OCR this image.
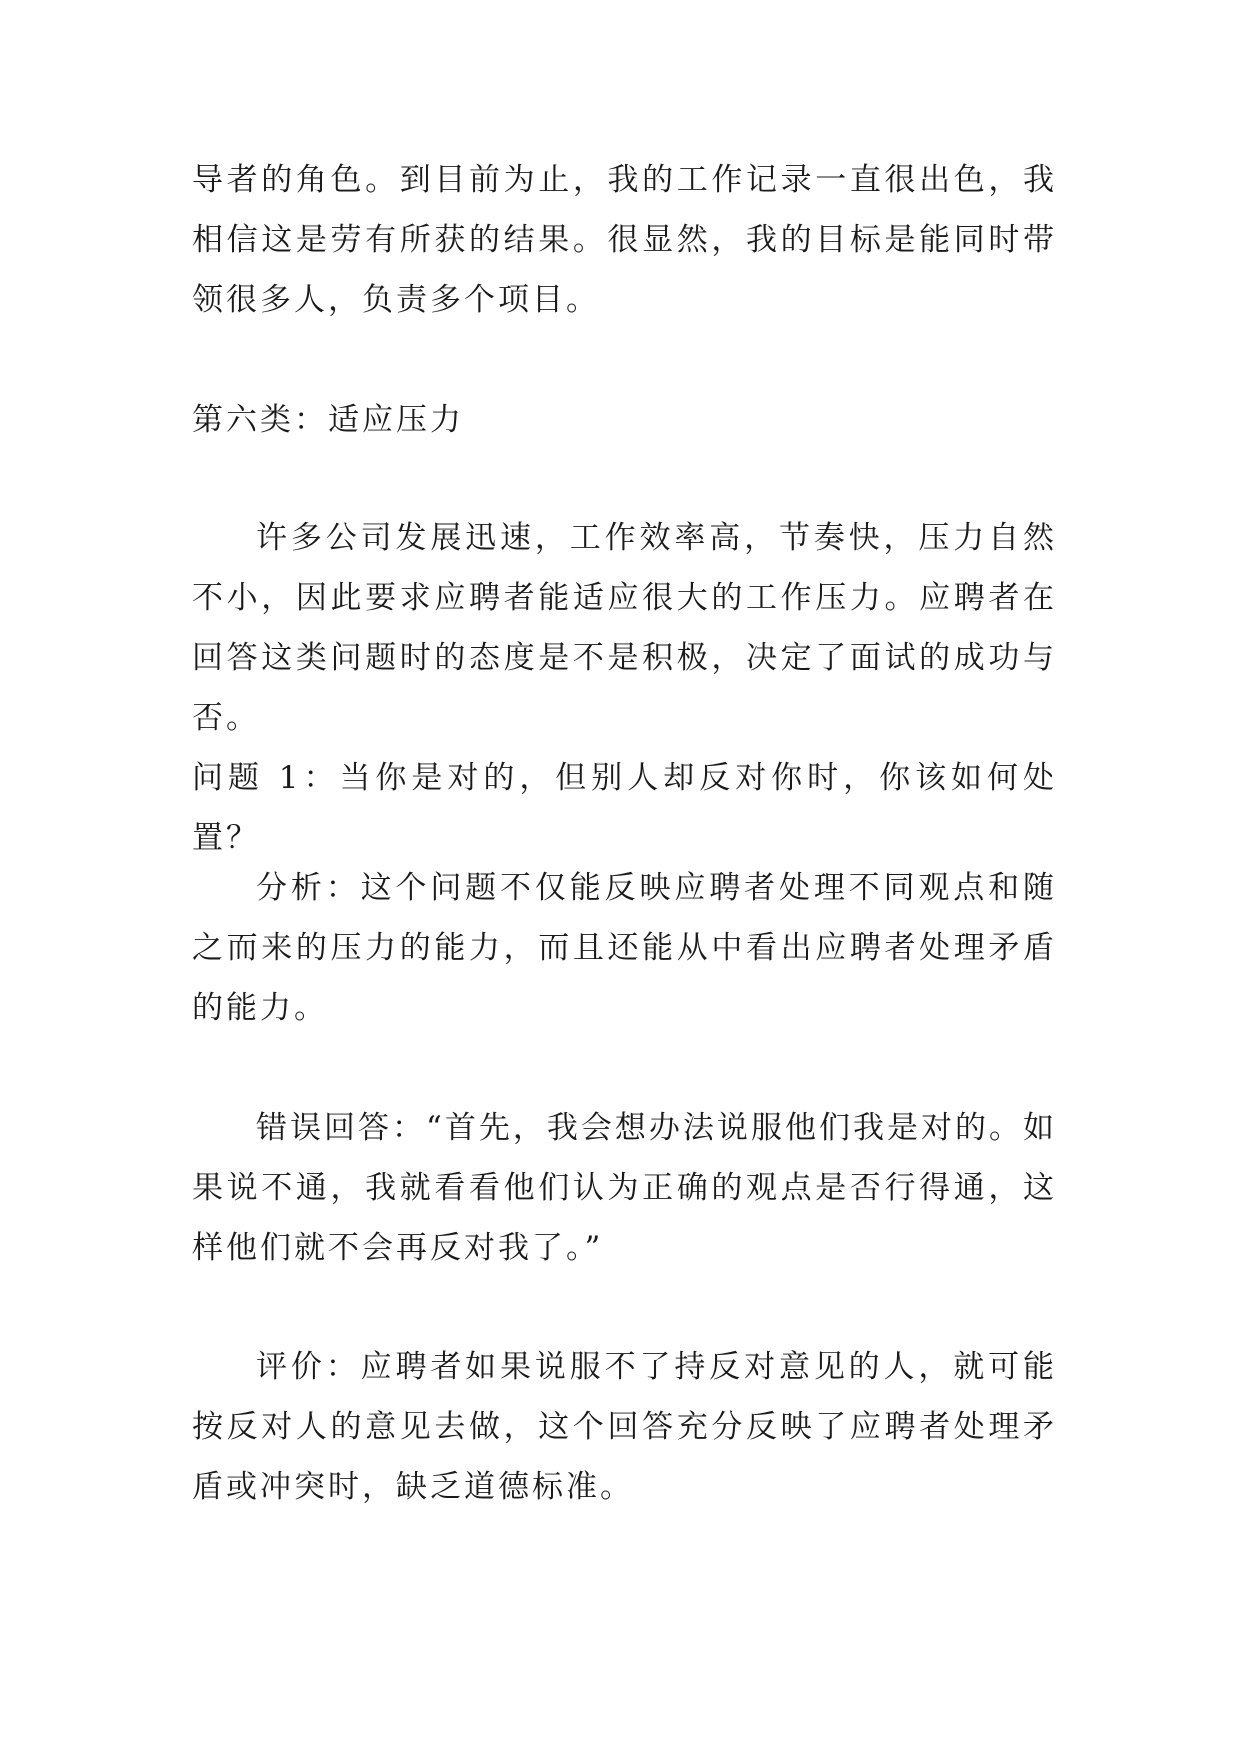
导者的角色。到目前为止，我的工作记录一直很出色，我相信这是劳有所获的结果。很显然，我的目标是能同时带领很多人，负责多个项目。

第六类：适应压力

许多公司发展迅速，工作效率高，节奏快，压力自然不小，因此要求应聘者能适应很大的工作压力。应聘者在回答这类问题时的态度是不是积极，决定了面试的成功与否。

问题 1：当你是对的，但别人却反对你时，你该如何处置？

分析：这个问题不仅能反映应聘者处理不同观点和随之而来的压力的能力，而且还能从中看出应聘者处理矛盾的能力。

错误回答：“首先，我会想办法说服他们我是对的。如果说不通，我就看看他们认为正确的观点是否行得通，这样他们就不会再反对我了。”

评价：应聘者如果说服不了持反对意见的人，就可能按反对人的意见去做，这个回答充分反映了应聘者处理矛盾或冲突时，缺乏道德标准。
